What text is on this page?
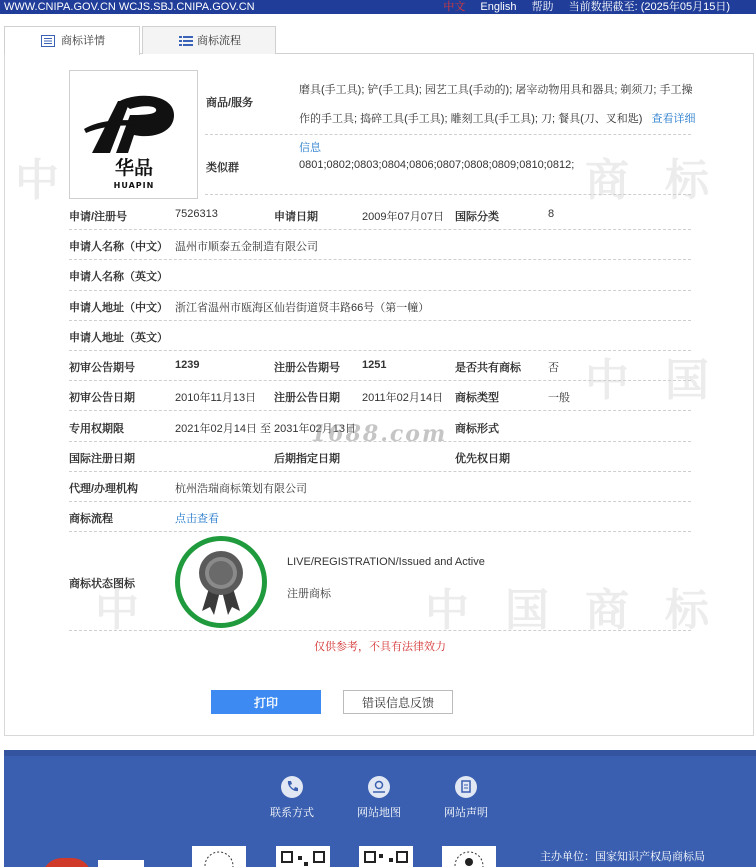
WWW.CNIPA.GOV.CN WCJS.SBJ.CNIPA.GOV.CN	中文 English 帮助 当前数据截至: (2025年05月15日)
商标详情	商标流程
商 标
中 国
中 国 商 标
中
中	华品
HUAPIN
商品/服务
磨具(手工具); 铲(手工具); 园艺工具(手动的); 屠宰动物用具和器具; 剃须刀; 手工操作的手工具; 捣碎工具(手工具); 雕刻工具(手工具); 刀; 餐具(刀、叉和匙) 查看详细信息
类似群	0801;0802;0803;0804;0806;0807;0808;0809;0810;0812;
申请/注册号	7526313	申请日期	2009年07月07日 国际分类	8
申请人名称（中文） 温州市顺泰五金制造有限公司
申请人名称（英文）
申请人地址（中文） 浙江省温州市瓯海区仙岩街道贤丰路66号（第一幢）
申请人地址（英文）
初审公告期号	1239	注册公告期号 1251	是否共有商标 否
初审公告日期	2010年11月13日 注册公告日期 2011年02月14日 商标类型	一般
专用权期限	2021年02月14日 至 2031年02月13日	商标形式
1688.com
国际注册日期	后期指定日期	优先权日期
代理/办理机构	杭州浩瑞商标策划有限公司
商标流程	点击查看
商标状态图标
LIVE/REGISTRATION/Issued and Active
注册商标
仅供参考，不具有法律效力
打印	错误信息反馈
联系方式	网站地图	网站声明
主办单位：国家知识产权局商标局
